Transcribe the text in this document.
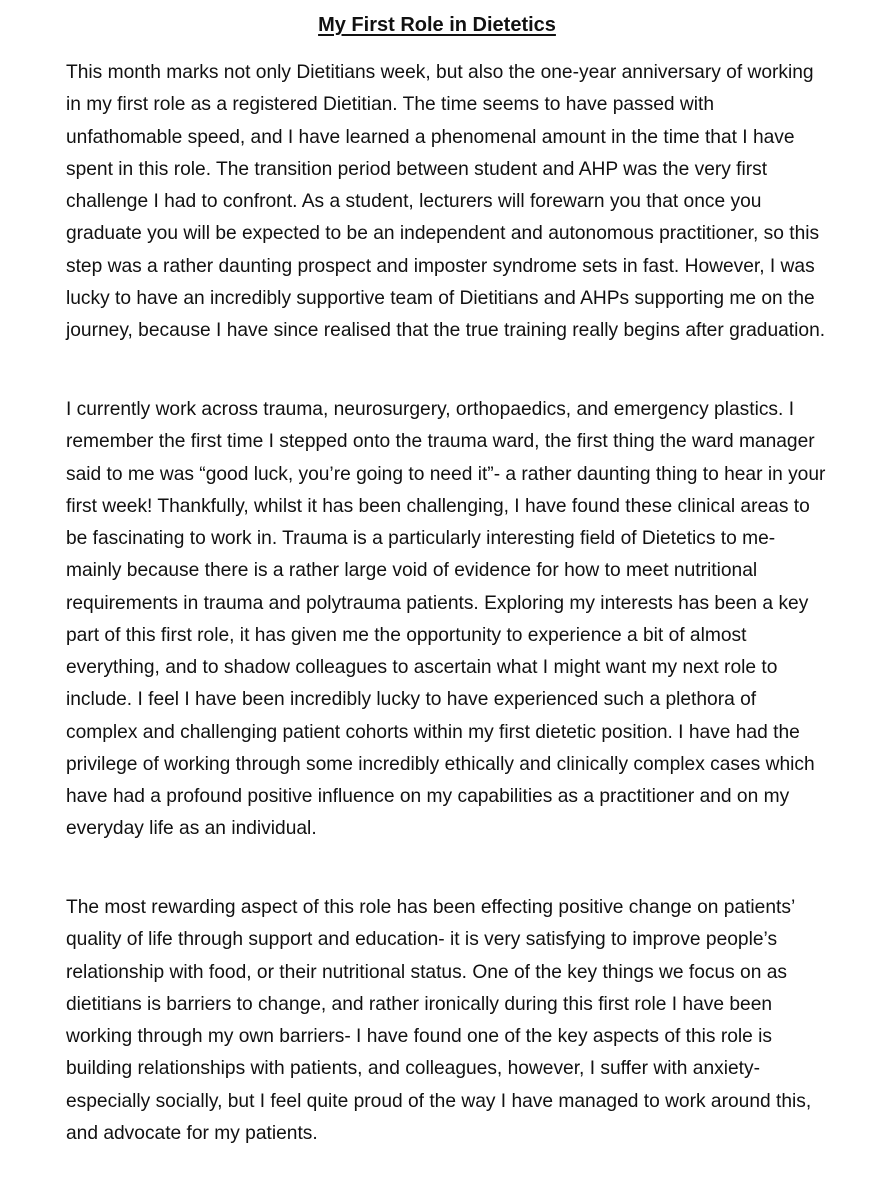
My First Role in Dietetics

This month marks not only Dietitians week, but also the one-year anniversary of working in my first role as a registered Dietitian. The time seems to have passed with unfathomable speed, and I have learned a phenomenal amount in the time that I have spent in this role. The transition period between student and AHP was the very first challenge I had to confront. As a student, lecturers will forewarn you that once you graduate you will be expected to be an independent and autonomous practitioner, so this step was a rather daunting prospect and imposter syndrome sets in fast. However, I was lucky to have an incredibly supportive team of Dietitians and AHPs supporting me on the journey, because I have since realised that the true training really begins after graduation.

I currently work across trauma, neurosurgery, orthopaedics, and emergency plastics. I remember the first time I stepped onto the trauma ward, the first thing the ward manager said to me was “good luck, you’re going to need it”- a rather daunting thing to hear in your first week! Thankfully, whilst it has been challenging, I have found these clinical areas to be fascinating to work in. Trauma is a particularly interesting field of Dietetics to me- mainly because there is a rather large void of evidence for how to meet nutritional requirements in trauma and polytrauma patients. Exploring my interests has been a key part of this first role, it has given me the opportunity to experience a bit of almost everything, and to shadow colleagues to ascertain what I might want my next role to include. I feel I have been incredibly lucky to have experienced such a plethora of complex and challenging patient cohorts within my first dietetic position. I have had the privilege of working through some incredibly ethically and clinically complex cases which have had a profound positive influence on my capabilities as a practitioner and on my everyday life as an individual.

The most rewarding aspect of this role has been effecting positive change on patients’ quality of life through support and education- it is very satisfying to improve people’s relationship with food, or their nutritional status. One of the key things we focus on as dietitians is barriers to change, and rather ironically during this first role I have been working through my own barriers- I have found one of the key aspects of this role is building relationships with patients, and colleagues, however, I suffer with anxiety- especially socially, but I feel quite proud of the way I have managed to work around this, and advocate for my patients.
